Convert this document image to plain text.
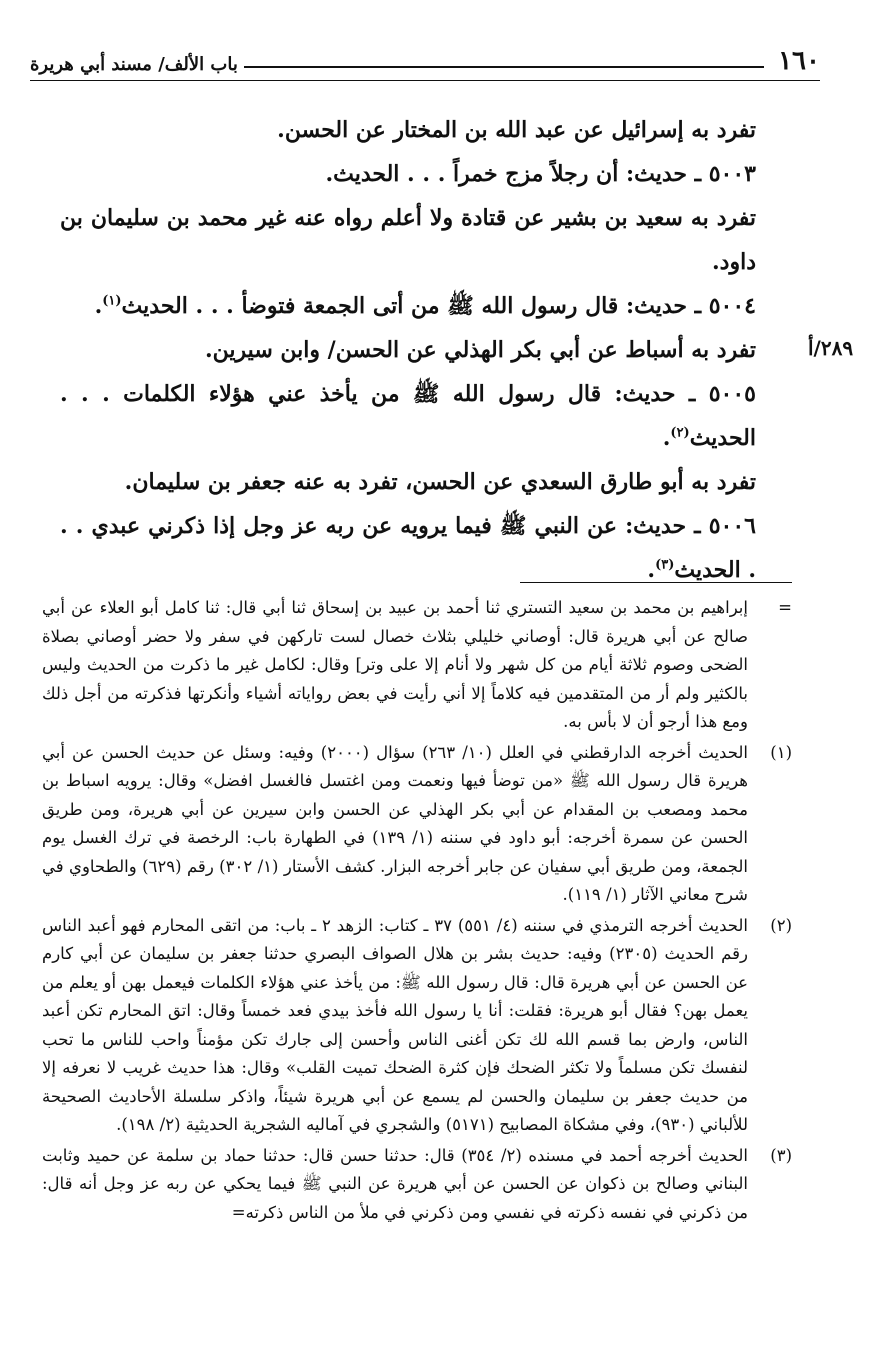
١٦٠
باب الألف/ مسند أبي هريرة
٢٨٩/أ

تفرد به إسرائيل عن عبد الله بن المختار عن الحسن.

٥٠٠٣ ـ حديث: أن رجلاً مزج خمراً . . . الحديث.

تفرد به سعيد بن بشير عن قتادة ولا أعلم رواه عنه غير محمد بن سليمان بن داود.

٥٠٠٤ ـ حديث: قال رسول الله ﷺ من أتى الجمعة فتوضأ . . . الحديث$^{(١)}$.

تفرد به أسباط عن أبي بكر الهذلي عن الحسن/ وابن سيرين.

٥٠٠٥ ـ حديث: قال رسول الله ﷺ من يأخذ عني هؤلاء الكلمات . . . الحديث$^{(٢)}$.

تفرد به أبو طارق السعدي عن الحسن، تفرد به عنه جعفر بن سليمان.

٥٠٠٦ ـ حديث: عن النبي ﷺ فيما يرويه عن ربه عز وجل إذا ذكرني عبدي . . . الحديث$^{(٣)}$.

=
إبراهيم بن محمد بن سعيد التستري ثنا أحمد بن عبيد بن إسحاق ثنا أبي قال: ثنا كامل أبو العلاء عن أبي صالح عن أبي هريرة قال: أوصاني خليلي بثلاث خصال لست تاركهن في سفر ولا حضر أوصاني بصلاة الضحى وصوم ثلاثة أيام من كل شهر ولا أنام إلا على وتر] وقال: لكامل غير ما ذكرت من الحديث وليس بالكثير ولم أر من المتقدمين فيه كلاماً إلا أني رأيت في بعض رواياته أشياء وأنكرتها فذكرته من أجل ذلك ومع هذا أرجو أن لا بأس به.
(١)
الحديث أخرجه الدارقطني في العلل (١٠/ ٢٦٣) سؤال (٢٠٠٠) وفيه: وسئل عن حديث الحسن عن أبي هريرة قال رسول الله ﷺ «من توضأ فيها ونعمت ومن اغتسل فالغسل افضل» وقال: يرويه اسباط بن محمد ومصعب بن المقدام عن أبي بكر الهذلي عن الحسن وابن سيرين عن أبي هريرة، ومن طريق الحسن عن سمرة أخرجه: أبو داود في سننه (١/ ١٣٩) في الطهارة باب: الرخصة في ترك الغسل يوم الجمعة، ومن طريق أبي سفيان عن جابر أخرجه البزار. كشف الأستار (١/ ٣٠٢) رقم (٦٢٩) والطحاوي في شرح معاني الآثار (١/ ١١٩).
(٢)
الحديث أخرجه الترمذي في سننه (٤/ ٥٥١) ٣٧ ـ كتاب: الزهد ٢ ـ باب: من اتقى المحارم فهو أعبد الناس رقم الحديث (٢٣٠٥) وفيه: حديث بشر بن هلال الصواف البصري حدثنا جعفر بن سليمان عن أبي كارم عن الحسن عن أبي هريرة قال: قال رسول الله ﷺ: من يأخذ عني هؤلاء الكلمات فيعمل بهن أو يعلم من يعمل بهن؟ فقال أبو هريرة: فقلت: أنا يا رسول الله فأخذ بيدي فعد خمساً وقال: اتق المحارم تكن أعبد الناس، وارض بما قسم الله لك تكن أغنى الناس وأحسن إلى جارك تكن مؤمناً واحب للناس ما تحب لنفسك تكن مسلماً ولا تكثر الضحك فإن كثرة الضحك تميت القلب» وقال: هذا حديث غريب لا نعرفه إلا من حديث جعفر بن سليمان والحسن لم يسمع عن أبي هريرة شيئاً، واذكر سلسلة الأحاديث الصحيحة للألباني (٩٣٠)، وفي مشكاة المصابيح (٥١٧١) والشجري في آماليه الشجرية الحديثية (٢/ ١٩٨).
(٣)
الحديث أخرجه أحمد في مسنده (٢/ ٣٥٤) قال: حدثنا حسن قال: حدثنا حماد بن سلمة عن حميد وثابت البناني وصالح بن ذكوان عن الحسن عن أبي هريرة عن النبي ﷺ فيما يحكي عن ربه عز وجل أنه قال: من ذكرني في نفسه ذكرته في نفسي ومن ذكرني في ملأ من الناس ذكرته=
